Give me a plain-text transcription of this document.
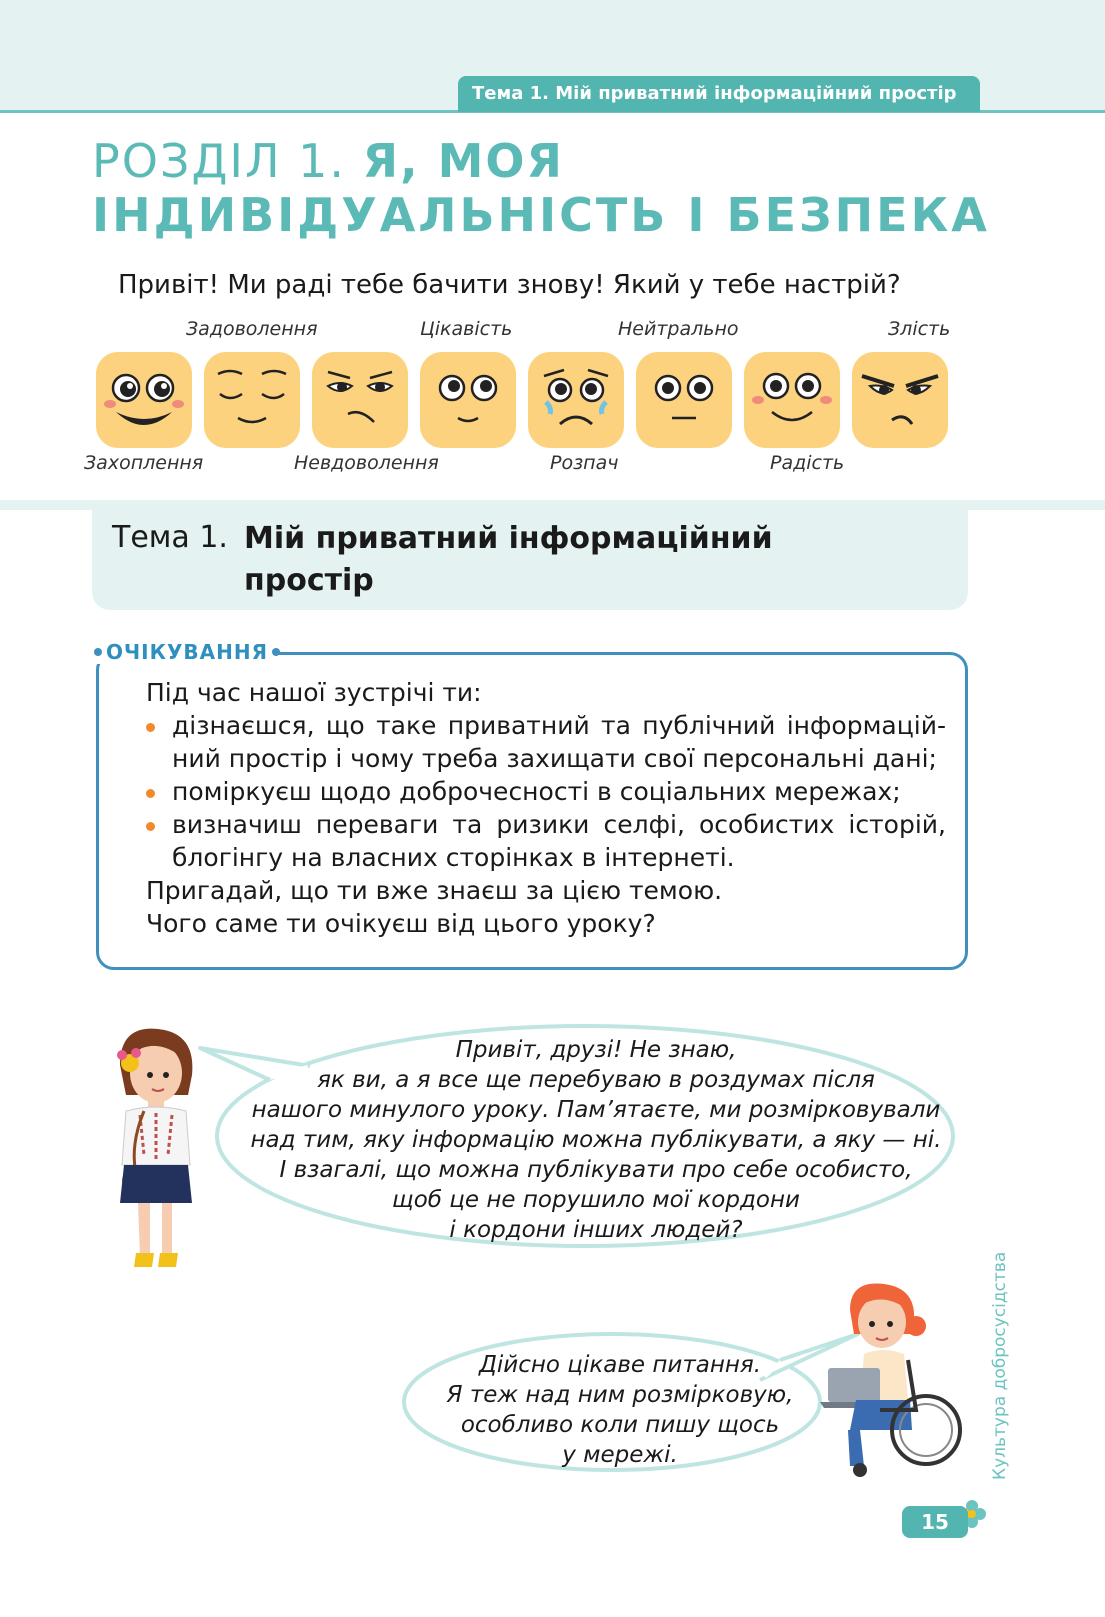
Тема 1. Мій приватний інформаційний простір
РОЗДІЛ 1. Я, МОЯ
ІНДИВІДУАЛЬНІСТЬ І БЕЗПЕКА
Привіт! Ми раді тебе бачити знову! Який у тебе настрій?
Задоволення	Цікавість	Нейтрально	Злість
Захоплення	Невдоволення	Розпач	Радість
Тема 1. Мій приватний інформаційний простір
ОЧІКУВАННЯ
Під час нашої зустрічі ти:
дізнаєшся, що таке приватний та публічний інформаційний простір і чому треба захищати свої персональні дані;
поміркуєш щодо доброчесності в соціальних мережах;
визначиш переваги та ризики селфі, особистих історій, блогінгу на власних сторінках в інтернеті.
Пригадай, що ти вже знаєш за цією темою.
Чого саме ти очікуєш від цього уроку?
Привіт, друзі! Не знаю,
як ви, а я все ще перебуваю в роздумах після
нашого минулого уроку. Пам’ятаєте, ми розмірковували
над тим, яку інформацію можна публікувати, а яку — ні.
І взагалі, що можна публікувати про себе особисто,
щоб це не порушило мої кордони
і кордони інших людей?
Дійсно цікаве питання.
Я теж над ним розмірковую,
особливо коли пишу щось
у мережі.	Культура добросусідства
15
